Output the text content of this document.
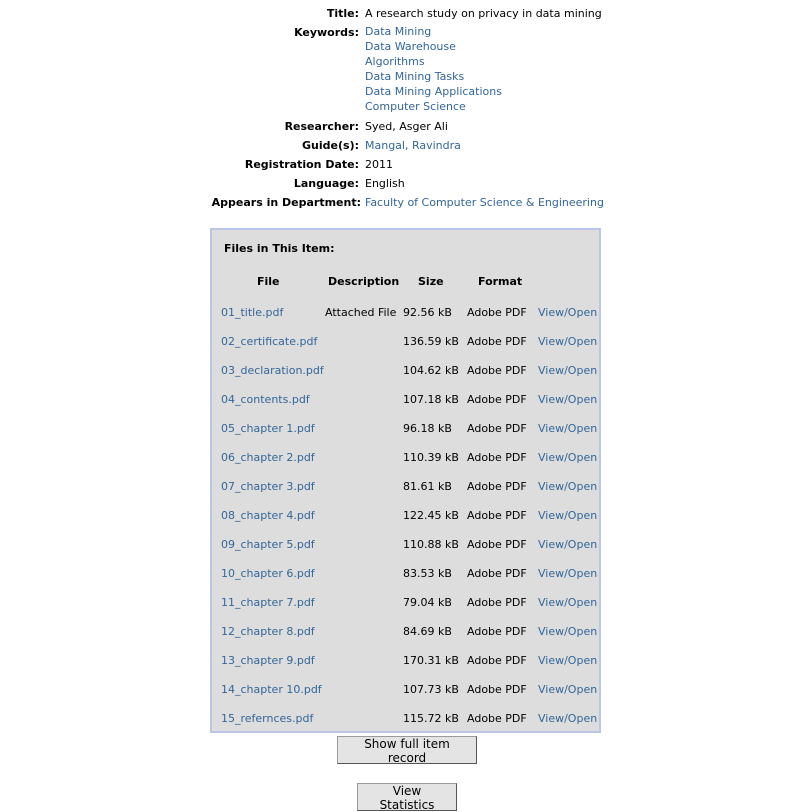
Title: A research study on privacy in data mining
Keywords: Data Mining
Data Warehouse
Algorithms
Data Mining Tasks
Data Mining Applications
Computer Science
Researcher: Syed, Asger Ali
Guide(s): Mangal, Ravindra
Registration Date: 2011
Language: English
Appears in Department: Faculty of Computer Science & Engineering
Files in This Item:
File	Description Size	Format
01_title.pdf	Attached File 92.56 kB Adobe PDF View/Open
02_certificate.pdf	136.59 kB Adobe PDF View/Open
03_declaration.pdf	104.62 kB Adobe PDF View/Open
04_contents.pdf	107.18 kB Adobe PDF View/Open
05_chapter 1.pdf	96.18 kB Adobe PDF View/Open
06_chapter 2.pdf	110.39 kB Adobe PDF View/Open
07_chapter 3.pdf	81.61 kB Adobe PDF View/Open
08_chapter 4.pdf	122.45 kB Adobe PDF View/Open
09_chapter 5.pdf	110.88 kB Adobe PDF View/Open
10_chapter 6.pdf	83.53 kB Adobe PDF View/Open
11_chapter 7.pdf	79.04 kB Adobe PDF View/Open
12_chapter 8.pdf	84.69 kB Adobe PDF View/Open
13_chapter 9.pdf	170.31 kB Adobe PDF View/Open
14_chapter 10.pdf	107.73 kB Adobe PDF View/Open
15_refernces.pdf	115.72 kB Adobe PDF View/Open
Show full item record
View Statistics
